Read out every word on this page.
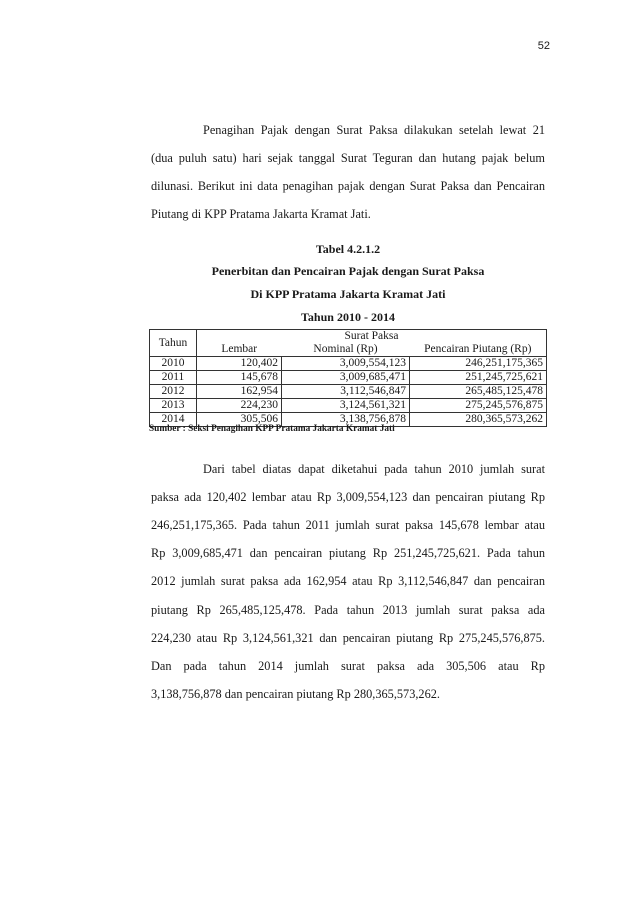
52
Penagihan Pajak dengan Surat Paksa dilakukan setelah lewat 21
(dua puluh satu) hari sejak tanggal Surat Teguran dan hutang pajak belum
dilunasi. Berikut ini data penagihan pajak dengan Surat Paksa dan Pencairan
Piutang di KPP Pratama Jakarta Kramat Jati.
Tabel 4.2.1.2
Penerbitan dan Pencairan Pajak dengan Surat Paksa
Di KPP Pratama Jakarta Kramat Jati
Tahun 2010 - 2014
Tahun	Surat Paksa		
	Lembar	Nominal (Rp)	Pencairan Piutang (Rp)
2010	120,402	3,009,554,123	246,251,175,365
2011	145,678	3,009,685,471	251,245,725,621
2012	162,954	3,112,546,847	265,485,125,478
2013	224,230	3,124,561,321	275,245,576,875
2014	305,506	3,138,756,878	280,365,573,262
Sumber : Seksi Penagihan KPP Pratama Jakarta Kramat Jati
Dari tabel diatas dapat diketahui pada tahun 2010 jumlah surat
paksa ada 120,402 lembar atau Rp 3,009,554,123 dan pencairan piutang Rp
246,251,175,365. Pada tahun 2011 jumlah surat paksa 145,678 lembar atau
Rp 3,009,685,471 dan pencairan piutang Rp 251,245,725,621. Pada tahun
2012 jumlah surat paksa ada 162,954 atau Rp 3,112,546,847 dan pencairan
piutang Rp 265,485,125,478. Pada tahun 2013 jumlah surat paksa ada
224,230 atau Rp 3,124,561,321 dan pencairan piutang Rp 275,245,576,875.
Dan pada tahun 2014 jumlah surat paksa ada 305,506 atau Rp
3,138,756,878 dan pencairan piutang Rp 280,365,573,262.
